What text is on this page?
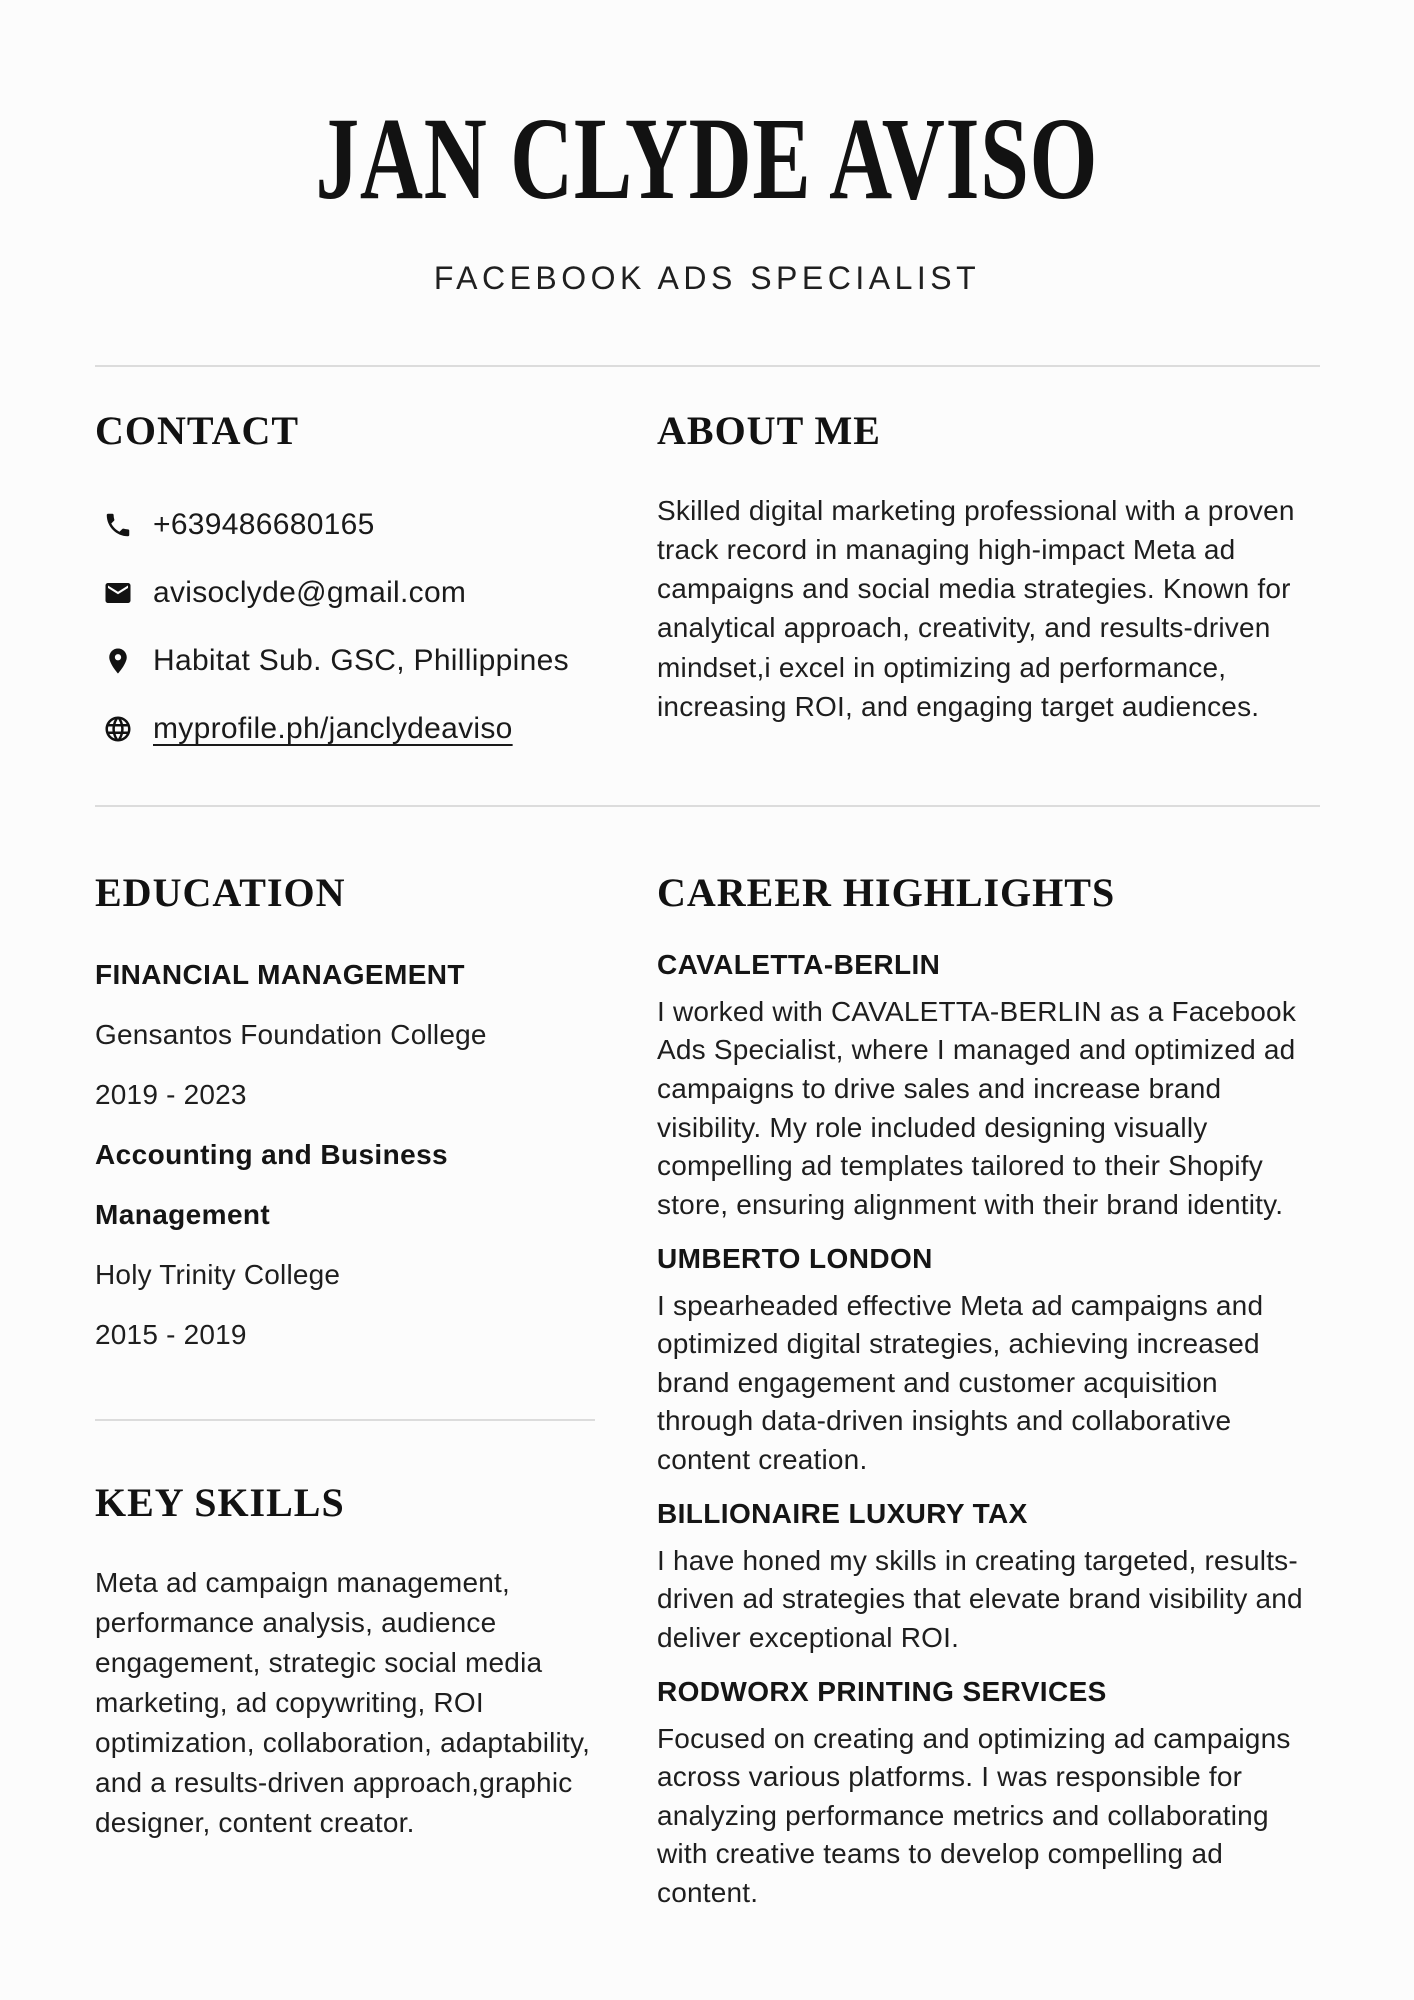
JAN CLYDE AVISO
FACEBOOK ADS SPECIALIST
CONTACT
+639486680165
avisoclyde@gmail.com
Habitat Sub. GSC, Phillippines
myprofile.ph/janclydeaviso
ABOUT ME

Skilled digital marketing professional with a proven track record in managing high-impact Meta ad campaigns and social media strategies. Known for analytical approach, creativity, and results-driven mindset,i excel in optimizing ad performance, increasing ROI, and engaging target audiences.

EDUCATION

FINANCIAL MANAGEMENT

Gensantos Foundation College

2019 - 2023

Accounting and Business Management

Holy Trinity College

2015 - 2019

KEY SKILLS

Meta ad campaign management, performance analysis, audience engagement, strategic social media marketing, ad copywriting, ROI optimization, collaboration, adaptability, and a results-driven approach,graphic designer, content creator.

CAREER HIGHLIGHTS
CAVALETTA-BERLIN

I worked with CAVALETTA-BERLIN as a Facebook Ads Specialist, where I managed and optimized ad campaigns to drive sales and increase brand visibility. My role included designing visually compelling ad templates tailored to their Shopify store, ensuring alignment with their brand identity.

UMBERTO LONDON

I spearheaded effective Meta ad campaigns and optimized digital strategies, achieving increased brand engagement and customer acquisition through data-driven insights and collaborative content creation.

BILLIONAIRE LUXURY TAX

I have honed my skills in creating targeted, results-driven ad strategies that elevate brand visibility and deliver exceptional ROI.

RODWORX PRINTING SERVICES

Focused on creating and optimizing ad campaigns across various platforms. I was responsible for analyzing performance metrics and collaborating with creative teams to develop compelling ad content.
